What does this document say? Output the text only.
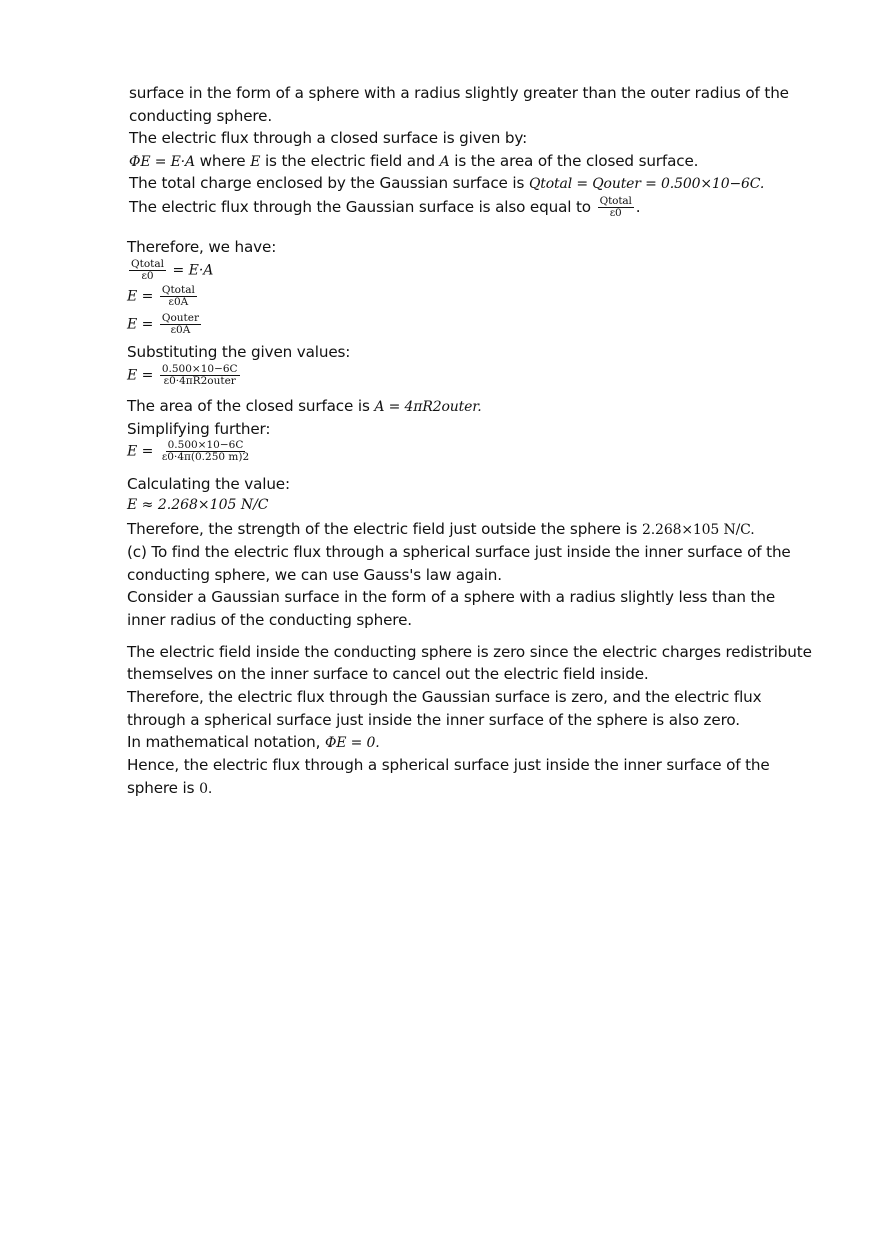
surface in the form of a sphere with a radius slightly greater than the outer radius of the
conducting sphere.
The electric flux through a closed surface is given by:
ΦE = E·A where E is the electric field and A is the area of the closed surface.
The total charge enclosed by the Gaussian surface is Qtotal = Qouter = 0.500×10−6C.
The electric flux through the Gaussian surface is also equal to $\frac{\text{Qtotal}}{\varepsilon 0}$ .
Therefore, we have:
$\frac{\text{Qtotal}}{\varepsilon 0} = E\cdot A$
$E = \frac{\text{Qtotal}}{\varepsilon 0A}$
$E = \frac{\text{Qouter}}{\varepsilon 0A}$
Substituting the given values:
$E = \frac{0.500\times 10-6C}{\text{ε0·4πR2outer}}$
The area of the closed surface is A = 4πR2outer.
Simplifying further:
$E = \frac{0.500\times 10-6C}{\varepsilon 0\cdot 4\pi(0.250 m)2}$
Calculating the value:
E ≈ 2.268×105 N/C
Therefore, the strength of the electric field just outside the sphere is 2.268×105 N/C.
(c) To find the electric flux through a spherical surface just inside the inner surface of the
conducting sphere, we can use Gauss's law again.
Consider a Gaussian surface in the form of a sphere with a radius slightly less than the
inner radius of the conducting sphere.
The electric field inside the conducting sphere is zero since the electric charges redistribute
themselves on the inner surface to cancel out the electric field inside.
Therefore, the electric flux through the Gaussian surface is zero, and the electric flux
through a spherical surface just inside the inner surface of the sphere is also zero.
In mathematical notation, ΦE = 0.
Hence, the electric flux through a spherical surface just inside the inner surface of the
sphere is 0.
